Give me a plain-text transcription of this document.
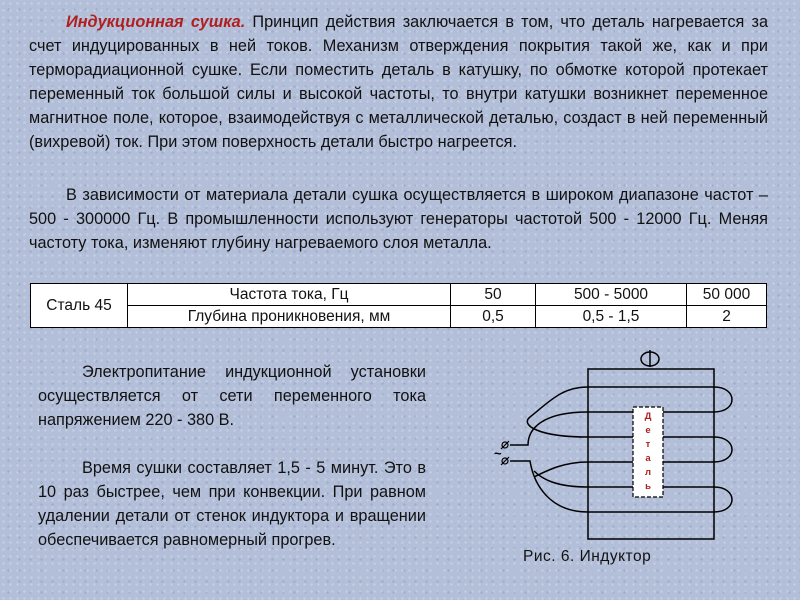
Индукционная сушка. Принцип действия заключается в том, что деталь нагревается за счет индуцированных в ней токов. Механизм отверждения покрытия такой же, как и при терморадиационной сушке. Если поместить деталь в катушку, по обмотке которой протекает переменный ток большой силы и высокой частоты, то внутри катушки возникнет переменное магнитное поле, которое, взаимодействуя с металлической деталью, создаст в ней переменный (вихревой) ток. При этом поверхность детали быстро нагреется.
В зависимости от материала детали сушка осуществляется в широком диапазоне частот – 500 - 300000 Гц. В промышленности используют генераторы частотой 500 - 12000 Гц. Меняя частоту тока, изменяют глубину нагреваемого слоя металла.
Сталь 45	Частота тока, Гц	50	500 - 5000	50 000
	Глубина проникновения, мм	0,5	0,5 - 1,5	2
Электропитание индукционной установки осуществляется от сети переменного тока напряжением 220 - 380 В.
Время сушки составляет 1,5 - 5 минут. Это в 10 раз быстрее, чем при конвекции. При равном удалении детали от стенок индуктора и вращении обеспечивается равномерный прогрев.
~
Д
е
т
а
л
ь
Рис. 6. Индуктор
